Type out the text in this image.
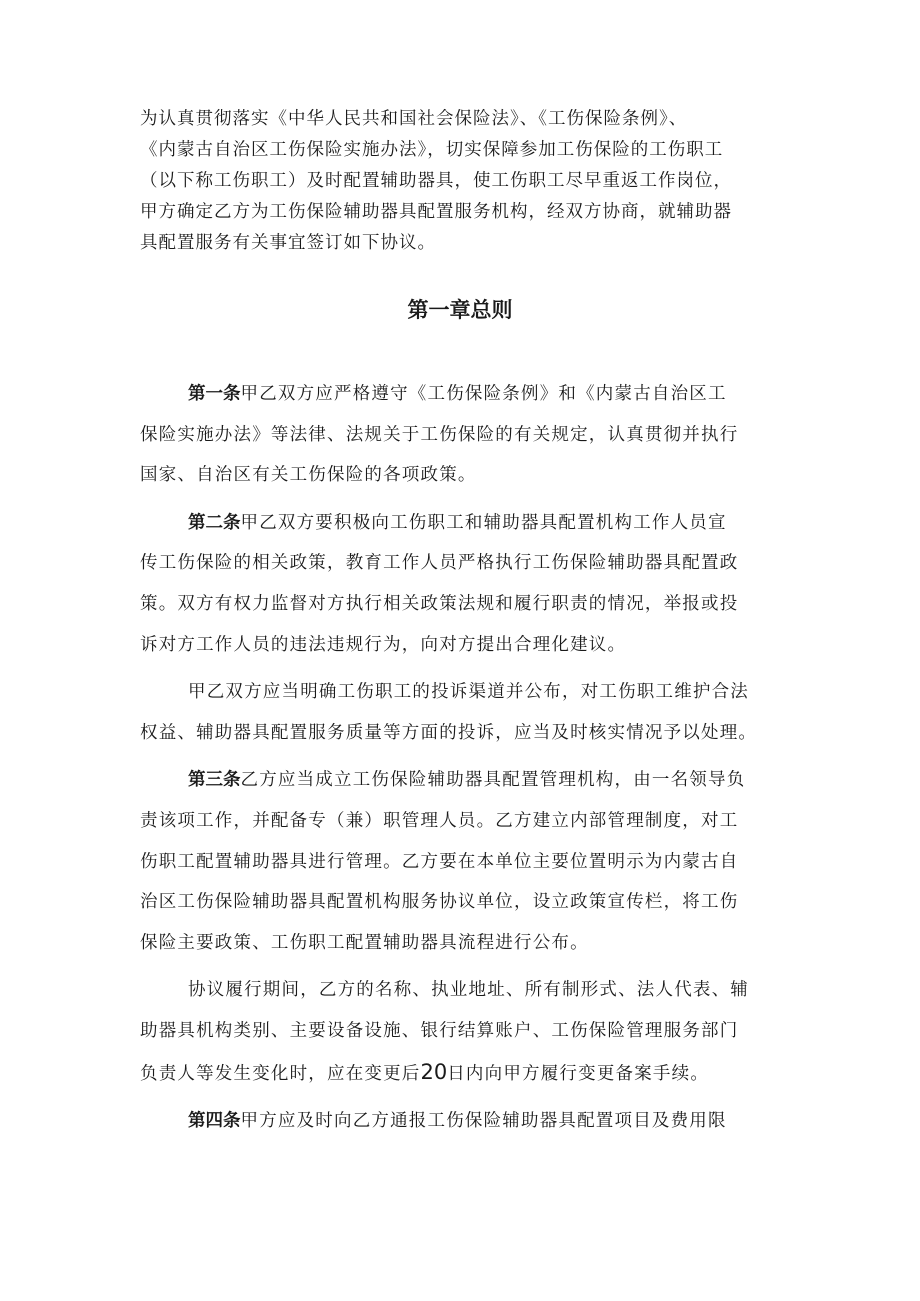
为认真贯彻落实《中华人民共和国社会保险法》、《工伤保险条例》、
《内蒙古自治区工伤保险实施办法》，切实保障参加工伤保险的工伤职工
（以下称工伤职工）及时配置辅助器具，使工伤职工尽早重返工作岗位，
甲方确定乙方为工伤保险辅助器具配置服务机构，经双方协商，就辅助器
具配置服务有关事宜签订如下协议。
第一章总则
第一条甲乙双方应严格遵守《工伤保险条例》和《内蒙古自治区工
保险实施办法》等法律、法规关于工伤保险的有关规定，认真贯彻并执行
国家、自治区有关工伤保险的各项政策。
第二条甲乙双方要积极向工伤职工和辅助器具配置机构工作人员宣
传工伤保险的相关政策，教育工作人员严格执行工伤保险辅助器具配置政
策。双方有权力监督对方执行相关政策法规和履行职责的情况，举报或投
诉对方工作人员的违法违规行为，向对方提出合理化建议。
甲乙双方应当明确工伤职工的投诉渠道并公布，对工伤职工维护合法
权益、辅助器具配置服务质量等方面的投诉，应当及时核实情况予以处理。
第三条乙方应当成立工伤保险辅助器具配置管理机构，由一名领导负
责该项工作，并配备专（兼）职管理人员。乙方建立内部管理制度，对工
伤职工配置辅助器具进行管理。乙方要在本单位主要位置明示为内蒙古自
治区工伤保险辅助器具配置机构服务协议单位，设立政策宣传栏，将工伤
保险主要政策、工伤职工配置辅助器具流程进行公布。
协议履行期间，乙方的名称、执业地址、所有制形式、法人代表、辅
助器具机构类别、主要设备设施、银行结算账户、工伤保险管理服务部门
负责人等发生变化时，应在变更后20日内向甲方履行变更备案手续。
第四条甲方应及时向乙方通报工伤保险辅助器具配置项目及费用限
